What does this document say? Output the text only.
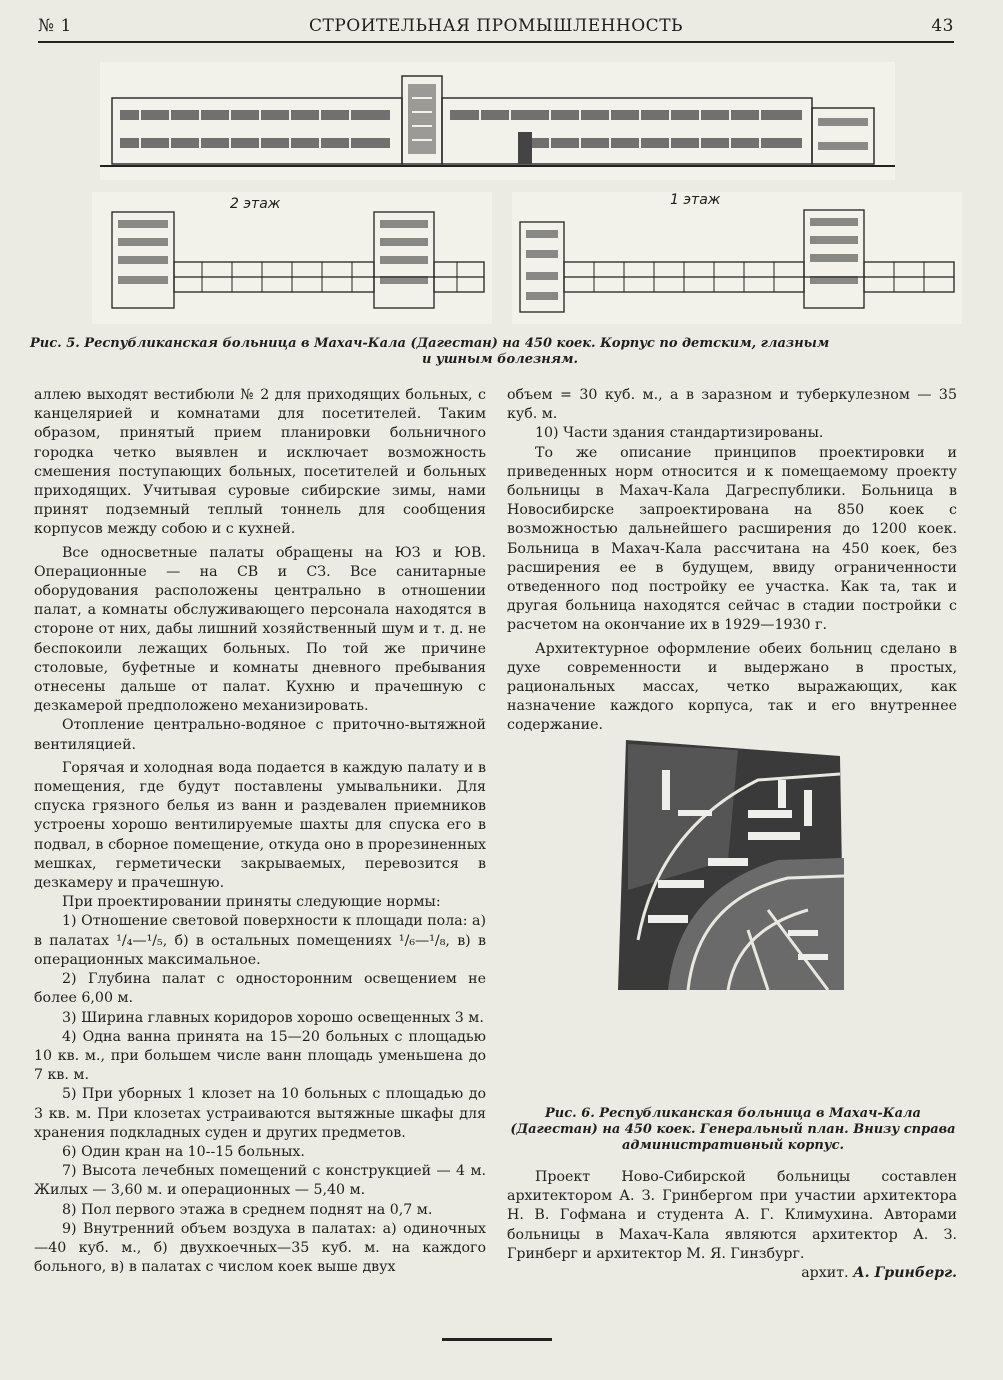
№ 1	СТРОИТЕЛЬНАЯ ПРОМЫШЛЕННОСТЬ	43
2 этаж	1 этаж
Рис. 5. Республиканская больница в Махач-Кала (Дагестан) на 450 коек. Корпус по детским, глазным
и ушным болезням.

аллею выходят вестибюли № 2 для приходящих больных, с канцелярией и комнатами для посетителей. Таким образом, принятый прием планировки больничного городка четко выявлен и исключает возможность смешения поступающих больных, посетителей и больных приходящих. Учитывая суровые сибирские зимы, нами принят подземный теплый тоннель для сообщения корпусов между собою и с кухней.

Все односветные палаты обращены на ЮЗ и ЮВ. Операционные — на СВ и СЗ. Все санитарные оборудования расположены центрально в отношении палат, а комнаты обслуживающего персонала находятся в стороне от них, дабы лишний хозяйственный шум и т. д. не беспокоили лежащих больных. По той же причине столовые, буфетные и комнаты дневного пребывания отнесены дальше от палат. Кухню и прачешную с дезкамерой предположено механизировать.

Отопление центрально-водяное с приточно-вытяжной вентиляцией.

Горячая и холодная вода подается в каждую палату и в помещения, где будут поставлены умывальники. Для спуска грязного белья из ванн и раздевален приемников устроены хорошо вентилируемые шахты для спуска его в подвал, в сборное помещение, откуда оно в прорезиненных мешках, герметически закрываемых, перевозится в дезкамеру и прачешную.

При проектировании приняты следующие нормы:

1) Отношение световой поверхности к площади пола: а) в палатах ¹/₄—¹/₅, б) в остальных помещениях ¹/₆—¹/₈, в) в операционных максимальное.

2) Глубина палат с односторонним освещением не более 6,00 м.

3) Ширина главных коридоров хорошо освещенных 3 м.

4) Одна ванна принята на 15—20 больных с площадью 10 кв. м., при большем числе ванн площадь уменьшена до 7 кв. м.

5) При уборных 1 клозет на 10 больных с площадью до 3 кв. м. При клозетах устраиваются вытяжные шкафы для хранения подкладных суден и других предметов.

6) Один кран на 10--15 больных.

7) Высота лечебных помещений с конструкцией — 4 м. Жилых — 3,60 м. и операционных — 5,40 м.

8) Пол первого этажа в среднем поднят на 0,7 м.

9) Внутренний объем воздуха в палатах: а) одиночных—40 куб. м., б) двухкоечных—35 куб. м. на каждого больного, в) в палатах с числом коек выше двух

объем = 30 куб. м., а в заразном и туберкулезном — 35 куб. м.

10) Части здания стандартизированы.

То же описание принципов проектировки и приведенных норм относится и к помещаемому проекту больницы в Махач-Кала Дагреспублики. Больница в Новосибирске запроектирована на 850 коек с возможностью дальнейшего расширения до 1200 коек. Больница в Махач-Кала рассчитана на 450 коек, без расширения ее в будущем, ввиду ограниченности отведенного под постройку ее участка. Как та, так и другая больница находятся сейчас в стадии постройки с расчетом на окончание их в 1929—1930 г.

Архитектурное оформление обеих больниц сделано в духе современности и выдержано в простых, рациональных массах, четко выражающих, как назначение каждого корпуса, так и его внутреннее содержание.

Рис. 6. Республиканская больница в Махач-Кала (Дагестан) на 450 коек. Генеральный план. Внизу справа административный корпус.

Проект Ново-Сибирской больницы составлен архитектором А. З. Гринбергом при участии архитектора Н. В. Гофмана и студента А. Г. Климухина. Авторами больницы в Махач-Кала являются архитектор А. З. Гринберг и архитектор М. Я. Гинзбург.

архит. А. Гринберг.
